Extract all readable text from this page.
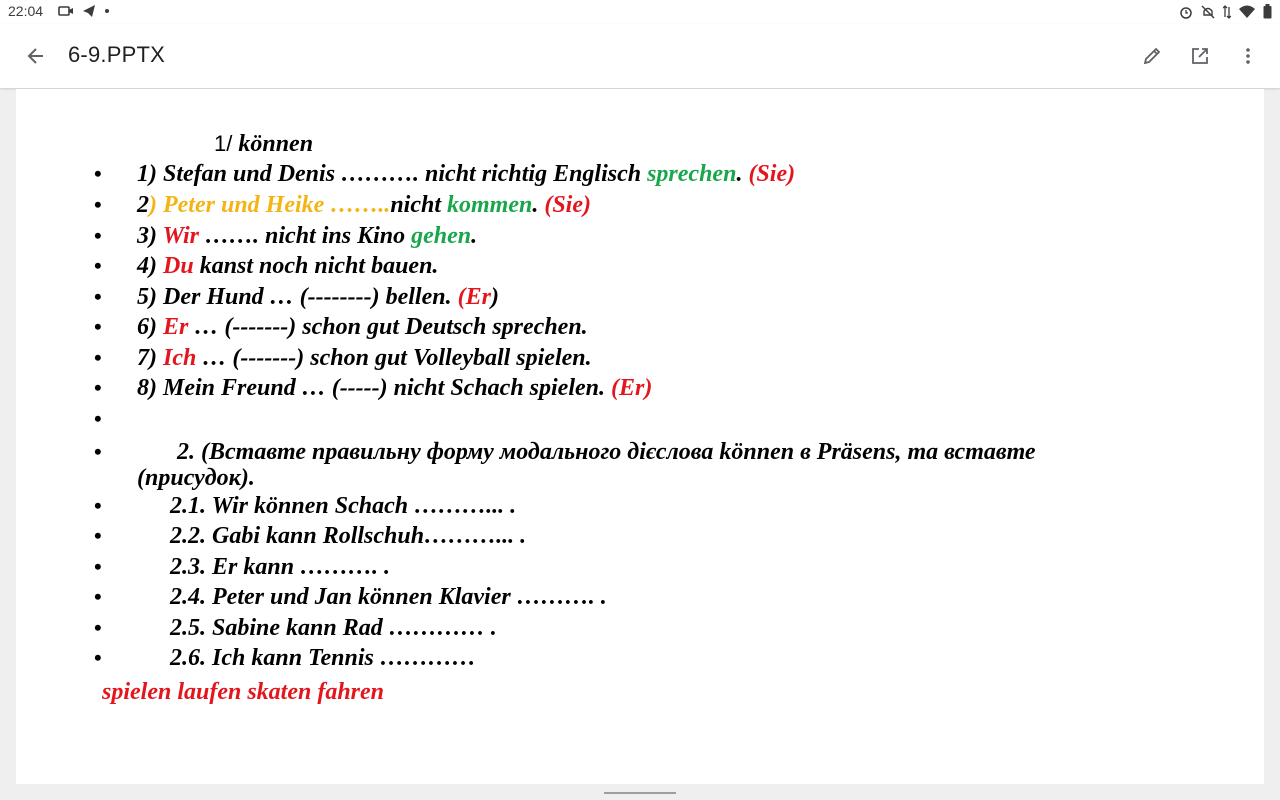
22:04
6-9.PPTX
1/ können
• 1) Stefan und Denis ………. nicht richtig Englisch sprechen. (Sie)
• 2) Peter und Heike ……..nicht kommen. (Sie)
• 3) Wir ……. nicht ins Kino gehen.
• 4) Du kanst noch nicht bauen.
• 5) Der Hund … (--------) bellen. (Er)
• 6) Er … (-------) schon gut Deutsch sprechen.
• 7) Ich … (-------) schon gut Volleyball spielen.
• 8) Mein Freund … (-----) nicht Schach spielen. (Er)
•
•	2. (Вставте правильну форму модального дієслова können в Präsens, та вставте (присудок).
•	2.1. Wir können Schach ………... .
•	2.2. Gabi kann Rollschuh………... .
•	2.3. Er kann ………. .
•	2.4. Peter und Jan können Klavier ………. .
•	2.5. Sabine kann Rad ………… .
•	2.6. Ich kann Tennis …………
spielen laufen skaten fahren
